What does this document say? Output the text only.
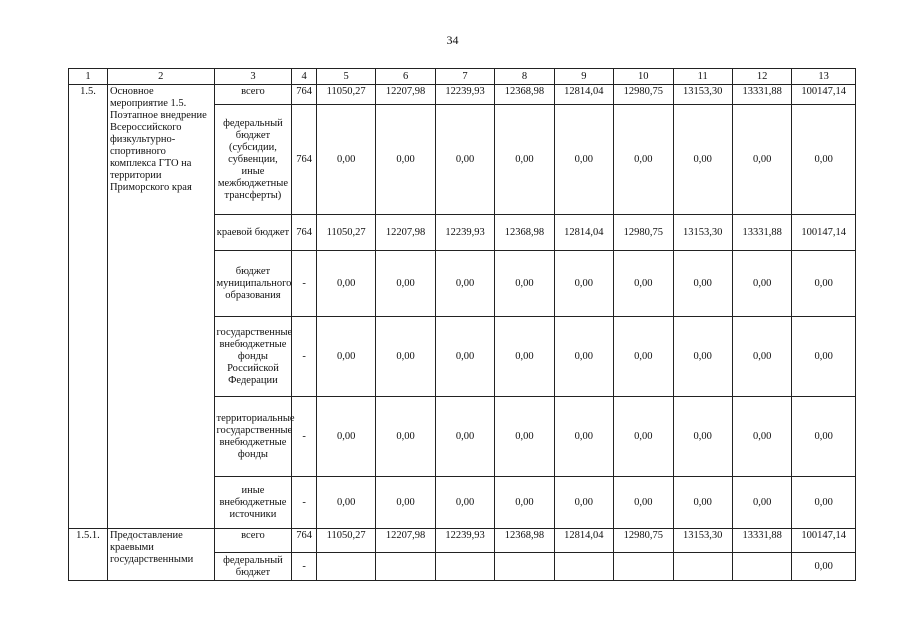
34
1	2	3	4	5	6	7	8	9	10	11	12	13
1.5.	Основное мероприятие 1.5. Поэтапное внедрение Всероссийского физкультурно-спортивного комплекса ГТО на территории Приморского края	всего	764	11050,27	12207,98	12239,93	12368,98	12814,04	12980,75	13153,30	13331,88	100147,14
		федеральный бюджет (субсидии, субвенции, иные межбюджетные трансферты)	764	0,00	0,00	0,00	0,00	0,00	0,00	0,00	0,00	0,00
		краевой бюджет	764	11050,27	12207,98	12239,93	12368,98	12814,04	12980,75	13153,30	13331,88	100147,14
		бюджет муниципального образования	-	0,00	0,00	0,00	0,00	0,00	0,00	0,00	0,00	0,00
		государственные внебюджетные фонды Российской Федерации	-	0,00	0,00	0,00	0,00	0,00	0,00	0,00	0,00	0,00
		территориальные государственные внебюджетные фонды	-	0,00	0,00	0,00	0,00	0,00	0,00	0,00	0,00	0,00
		иные внебюджетные источники	-	0,00	0,00	0,00	0,00	0,00	0,00	0,00	0,00	0,00
1.5.1.	Предоставление краевыми государственными	всего	764	11050,27	12207,98	12239,93	12368,98	12814,04	12980,75	13153,30	13331,88	100147,14
		федеральный бюджет	-									0,00
